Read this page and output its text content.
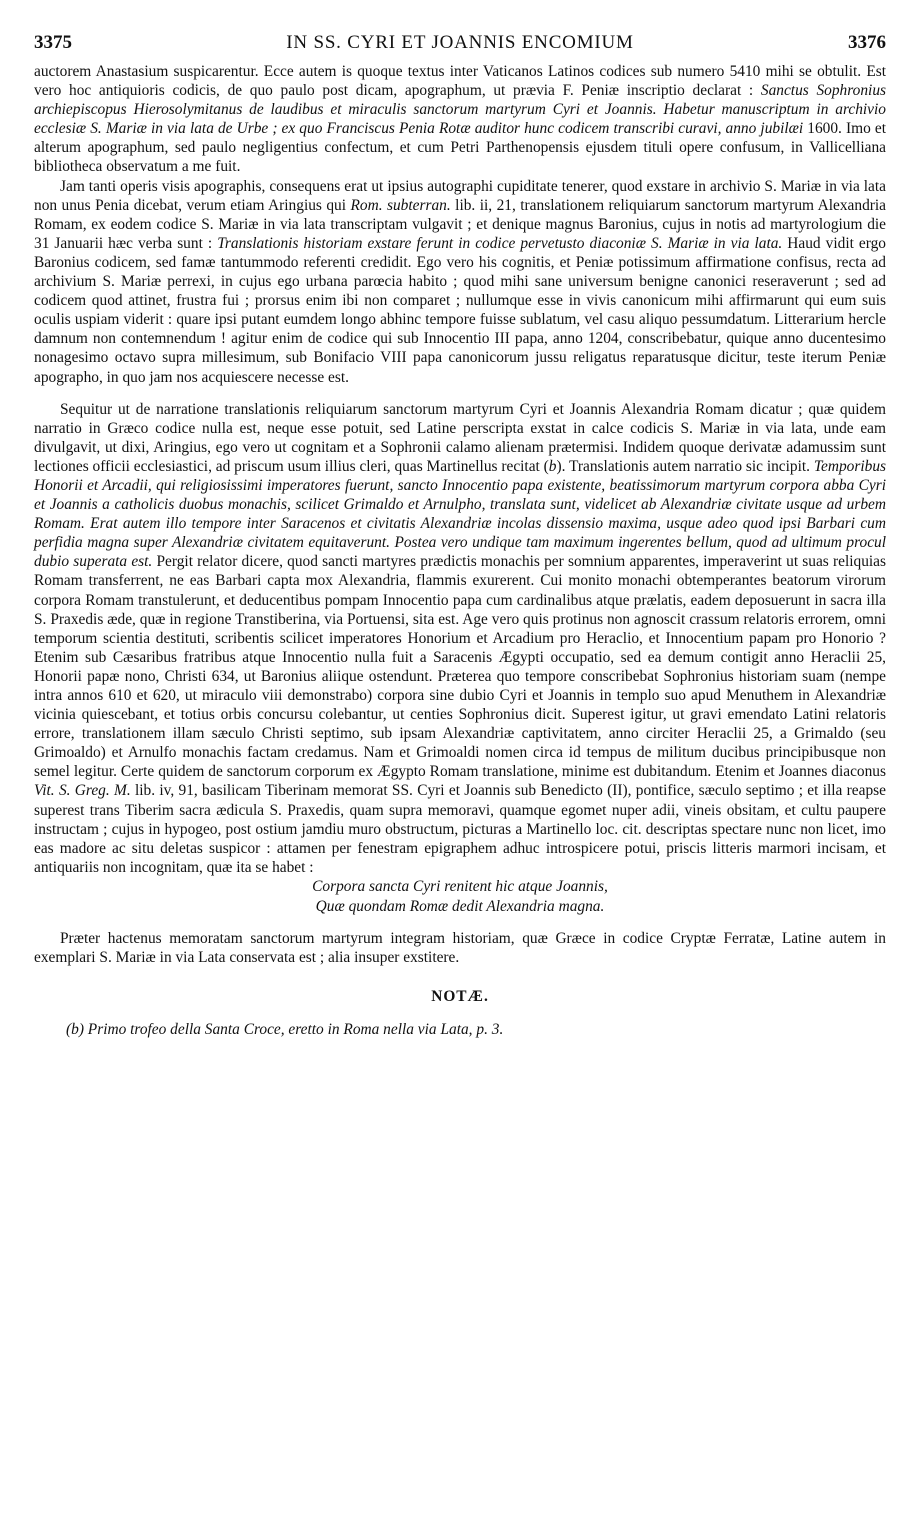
3375	IN SS. CYRI ET JOANNIS ENCOMIUM	3376

auctorem Anastasium suspicarentur. Ecce autem is quoque textus inter Vaticanos Latinos codices sub numero 5410 mihi se obtulit. Est vero hoc antiquioris codicis, de quo paulo post dicam, apographum, ut prævia F. Peniæ inscriptio declarat : Sanctus Sophronius archiepiscopus Hierosolymitanus de laudibus et miraculis sanctorum martyrum Cyri et Joannis. Habetur manuscriptum in archivio ecclesiæ S. Mariæ in via lata de Urbe ; ex quo Franciscus Penia Rotæ auditor hunc codicem transcribi curavi, anno jubilæi 1600. Imo et alterum apographum, sed paulo negligentius confectum, et cum Petri Parthenopensis ejusdem tituli opere confusum, in Vallicelliana bibliotheca observatum a me fuit.

Jam tanti operis visis apographis, consequens erat ut ipsius autographi cupiditate tenerer, quod exstare in archivio S. Mariæ in via lata non unus Penia dicebat, verum etiam Aringius qui Rom. subterran. lib. ii, 21, translationem reliquiarum sanctorum martyrum Alexandria Romam, ex eodem codice S. Mariæ in via lata transcriptam vulgavit ; et denique magnus Baronius, cujus in notis ad martyrologium die 31 Januarii hæc verba sunt : Translationis historiam exstare ferunt in codice pervetusto diaconiæ S. Mariæ in via lata. Haud vidit ergo Baronius codicem, sed famæ tantummodo referenti credidit. Ego vero his cognitis, et Peniæ potissimum affirmatione confisus, recta ad archivium S. Mariæ perrexi, in cujus ego urbana parœcia habito ; quod mihi sane universum benigne canonici reseraverunt ; sed ad codicem quod attinet, frustra fui ; prorsus enim ibi non comparet ; nullumque esse in vivis canonicum mihi affirmarunt qui eum suis oculis uspiam viderit : quare ipsi putant eumdem longo abhinc tempore fuisse sublatum, vel casu aliquo pessumdatum. Litterarium hercle damnum non contemnendum ! agitur enim de codice qui sub Innocentio III papa, anno 1204, conscribebatur, quique anno ducentesimo nonagesimo octavo supra millesimum, sub Bonifacio VIII papa canonicorum jussu religatus reparatusque dicitur, teste iterum Peniæ apographo, in quo jam nos acquiescere necesse est.

Sequitur ut de narratione translationis reliquiarum sanctorum martyrum Cyri et Joannis Alexandria Romam dicatur ; quæ quidem narratio in Græco codice nulla est, neque esse potuit, sed Latine perscripta exstat in calce codicis S. Mariæ in via lata, unde eam divulgavit, ut dixi, Aringius, ego vero ut cognitam et a Sophronii calamo alienam prætermisi. Indidem quoque derivatæ adamussim sunt lectiones officii ecclesiastici, ad priscum usum illius cleri, quas Martinellus recitat (b). Translationis autem narratio sic incipit. Temporibus Honorii et Arcadii, qui religiosissimi imperatores fuerunt, sancto Innocentio papa existente, beatissimorum martyrum corpora abba Cyri et Joannis a catholicis duobus monachis, scilicet Grimaldo et Arnulpho, translata sunt, videlicet ab Alexandriæ civitate usque ad urbem Romam. Erat autem illo tempore inter Saracenos et civitatis Alexandriæ incolas dissensio maxima, usque adeo quod ipsi Barbari cum perfidia magna super Alexandriæ civitatem equitaverunt. Postea vero undique tam maximum ingerentes bellum, quod ad ultimum procul dubio superata est. Pergit relator dicere, quod sancti martyres prædictis monachis per somnium apparentes, imperaverint ut suas reliquias Romam transferrent, ne eas Barbari capta mox Alexandria, flammis exurerent. Cui monito monachi obtemperantes beatorum virorum corpora Romam transtulerunt, et deducentibus pompam Innocentio papa cum cardinalibus atque prælatis, eadem deposuerunt in sacra illa S. Praxedis æde, quæ in regione Transtiberina, via Portuensi, sita est. Age vero quis protinus non agnoscit crassum relatoris errorem, omni temporum scientia destituti, scribentis scilicet imperatores Honorium et Arcadium pro Heraclio, et Innocentium papam pro Honorio ? Etenim sub Cæsaribus fratribus atque Innocentio nulla fuit a Saracenis Ægypti occupatio, sed ea demum contigit anno Heraclii 25, Honorii papæ nono, Christi 634, ut Baronius aliique ostendunt. Præterea quo tempore conscribebat Sophronius historiam suam (nempe intra annos 610 et 620, ut miraculo viii demonstrabo) corpora sine dubio Cyri et Joannis in templo suo apud Menuthem in Alexandriæ vicinia quiescebant, et totius orbis concursu colebantur, ut centies Sophronius dicit. Superest igitur, ut gravi emendato Latini relatoris errore, translationem illam sæculo Christi septimo, sub ipsam Alexandriæ captivitatem, anno circiter Heraclii 25, a Grimaldo (seu Grimoaldo) et Arnulfo monachis factam credamus. Nam et Grimoaldi nomen circa id tempus de militum ducibus principibusque non semel legitur. Certe quidem de sanctorum corporum ex Ægypto Romam translatione, minime est dubitandum. Etenim et Joannes diaconus Vit. S. Greg. M. lib. iv, 91, basilicam Tiberinam memorat SS. Cyri et Joannis sub Benedicto (II), pontifice, sæculo septimo ; et illa reapse superest trans Tiberim sacra ædicula S. Praxedis, quam supra memoravi, quamque egomet nuper adii, vineis obsitam, et cultu paupere instructam ; cujus in hypogeo, post ostium jamdiu muro obstructum, picturas a Martinello loc. cit. descriptas spectare nunc non licet, imo eas madore ac situ deletas suspicor : attamen per fenestram epigraphem adhuc introspicere potui, priscis litteris marmori incisam, et antiquariis non incognitam, quæ ita se habet :

Corpora sancta Cyri renitent hic atque Joannis,
Quæ quondam Romæ dedit Alexandria magna.

Præter hactenus memoratam sanctorum martyrum integram historiam, quæ Græce in codice Cryptæ Ferratæ, Latine autem in exemplari S. Mariæ in via Lata conservata est ; alia insuper exstitere.

NOTÆ.
(b) Primo trofeo della Santa Croce, eretto in Roma nella via Lata, p. 3.
